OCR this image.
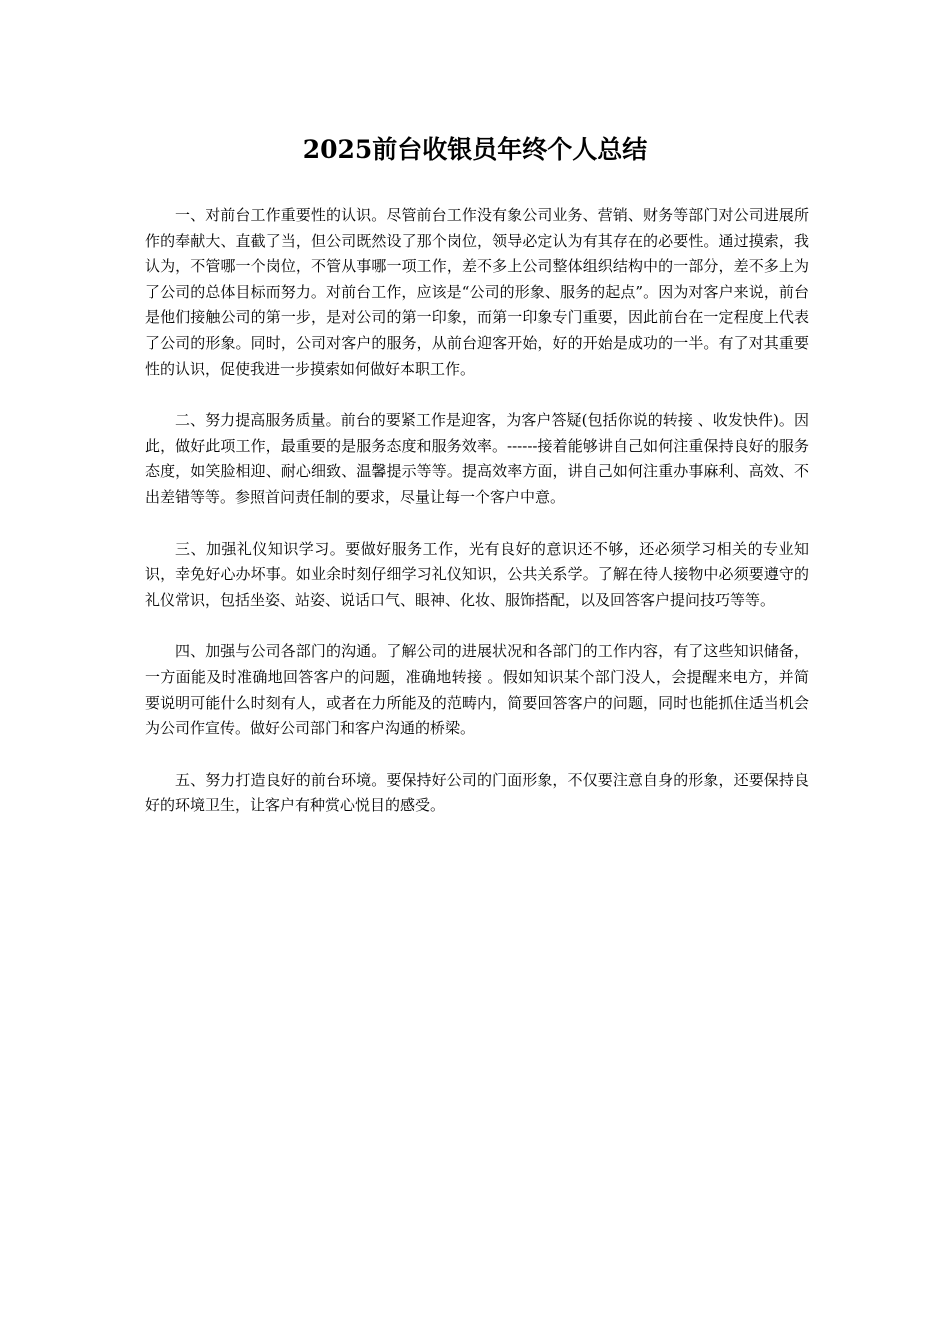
2025前台收银员年终个人总结

一、对前台工作重要性的认识。尽管前台工作没有象公司业务、营销、财务等部门对公司进展所作的奉献大、直截了当，但公司既然设了那个岗位，领导必定认为有其存在的必要性。通过摸索，我认为，不管哪一个岗位，不管从事哪一项工作，差不多上公司整体组织结构中的一部分，差不多上为了公司的总体目标而努力。对前台工作，应该是“公司的形象、服务的起点”。因为对客户来说，前台是他们接触公司的第一步，是对公司的第一印象，而第一印象专门重要，因此前台在一定程度上代表了公司的形象。同时，公司对客户的服务，从前台迎客开始，好的开始是成功的一半。有了对其重要性的认识，促使我进一步摸索如何做好本职工作。

二、努力提高服务质量。前台的要紧工作是迎客，为客户答疑(包括你说的转接 、收发快件)。因此，做好此项工作，最重要的是服务态度和服务效率。------接着能够讲自己如何注重保持良好的服务态度，如笑脸相迎、耐心细致、温馨提示等等。提高效率方面，讲自己如何注重办事麻利、高效、不出差错等等。参照首问责任制的要求，尽量让每一个客户中意。

三、加强礼仪知识学习。要做好服务工作，光有良好的意识还不够，还必须学习相关的专业知识，幸免好心办坏事。如业余时刻仔细学习礼仪知识，公共关系学。了解在待人接物中必须要遵守的礼仪常识，包括坐姿、站姿、说话口气、眼神、化妆、服饰搭配，以及回答客户提问技巧等等。

四、加强与公司各部门的沟通。了解公司的进展状况和各部门的工作内容，有了这些知识储备，一方面能及时准确地回答客户的问题，准确地转接 。假如知识某个部门没人，会提醒来电方，并简要说明可能什么时刻有人，或者在力所能及的范畴内，简要回答客户的问题，同时也能抓住适当机会为公司作宣传。做好公司部门和客户沟通的桥梁。

五、努力打造良好的前台环境。要保持好公司的门面形象，不仅要注意自身的形象，还要保持良好的环境卫生，让客户有种赏心悦目的感受。
